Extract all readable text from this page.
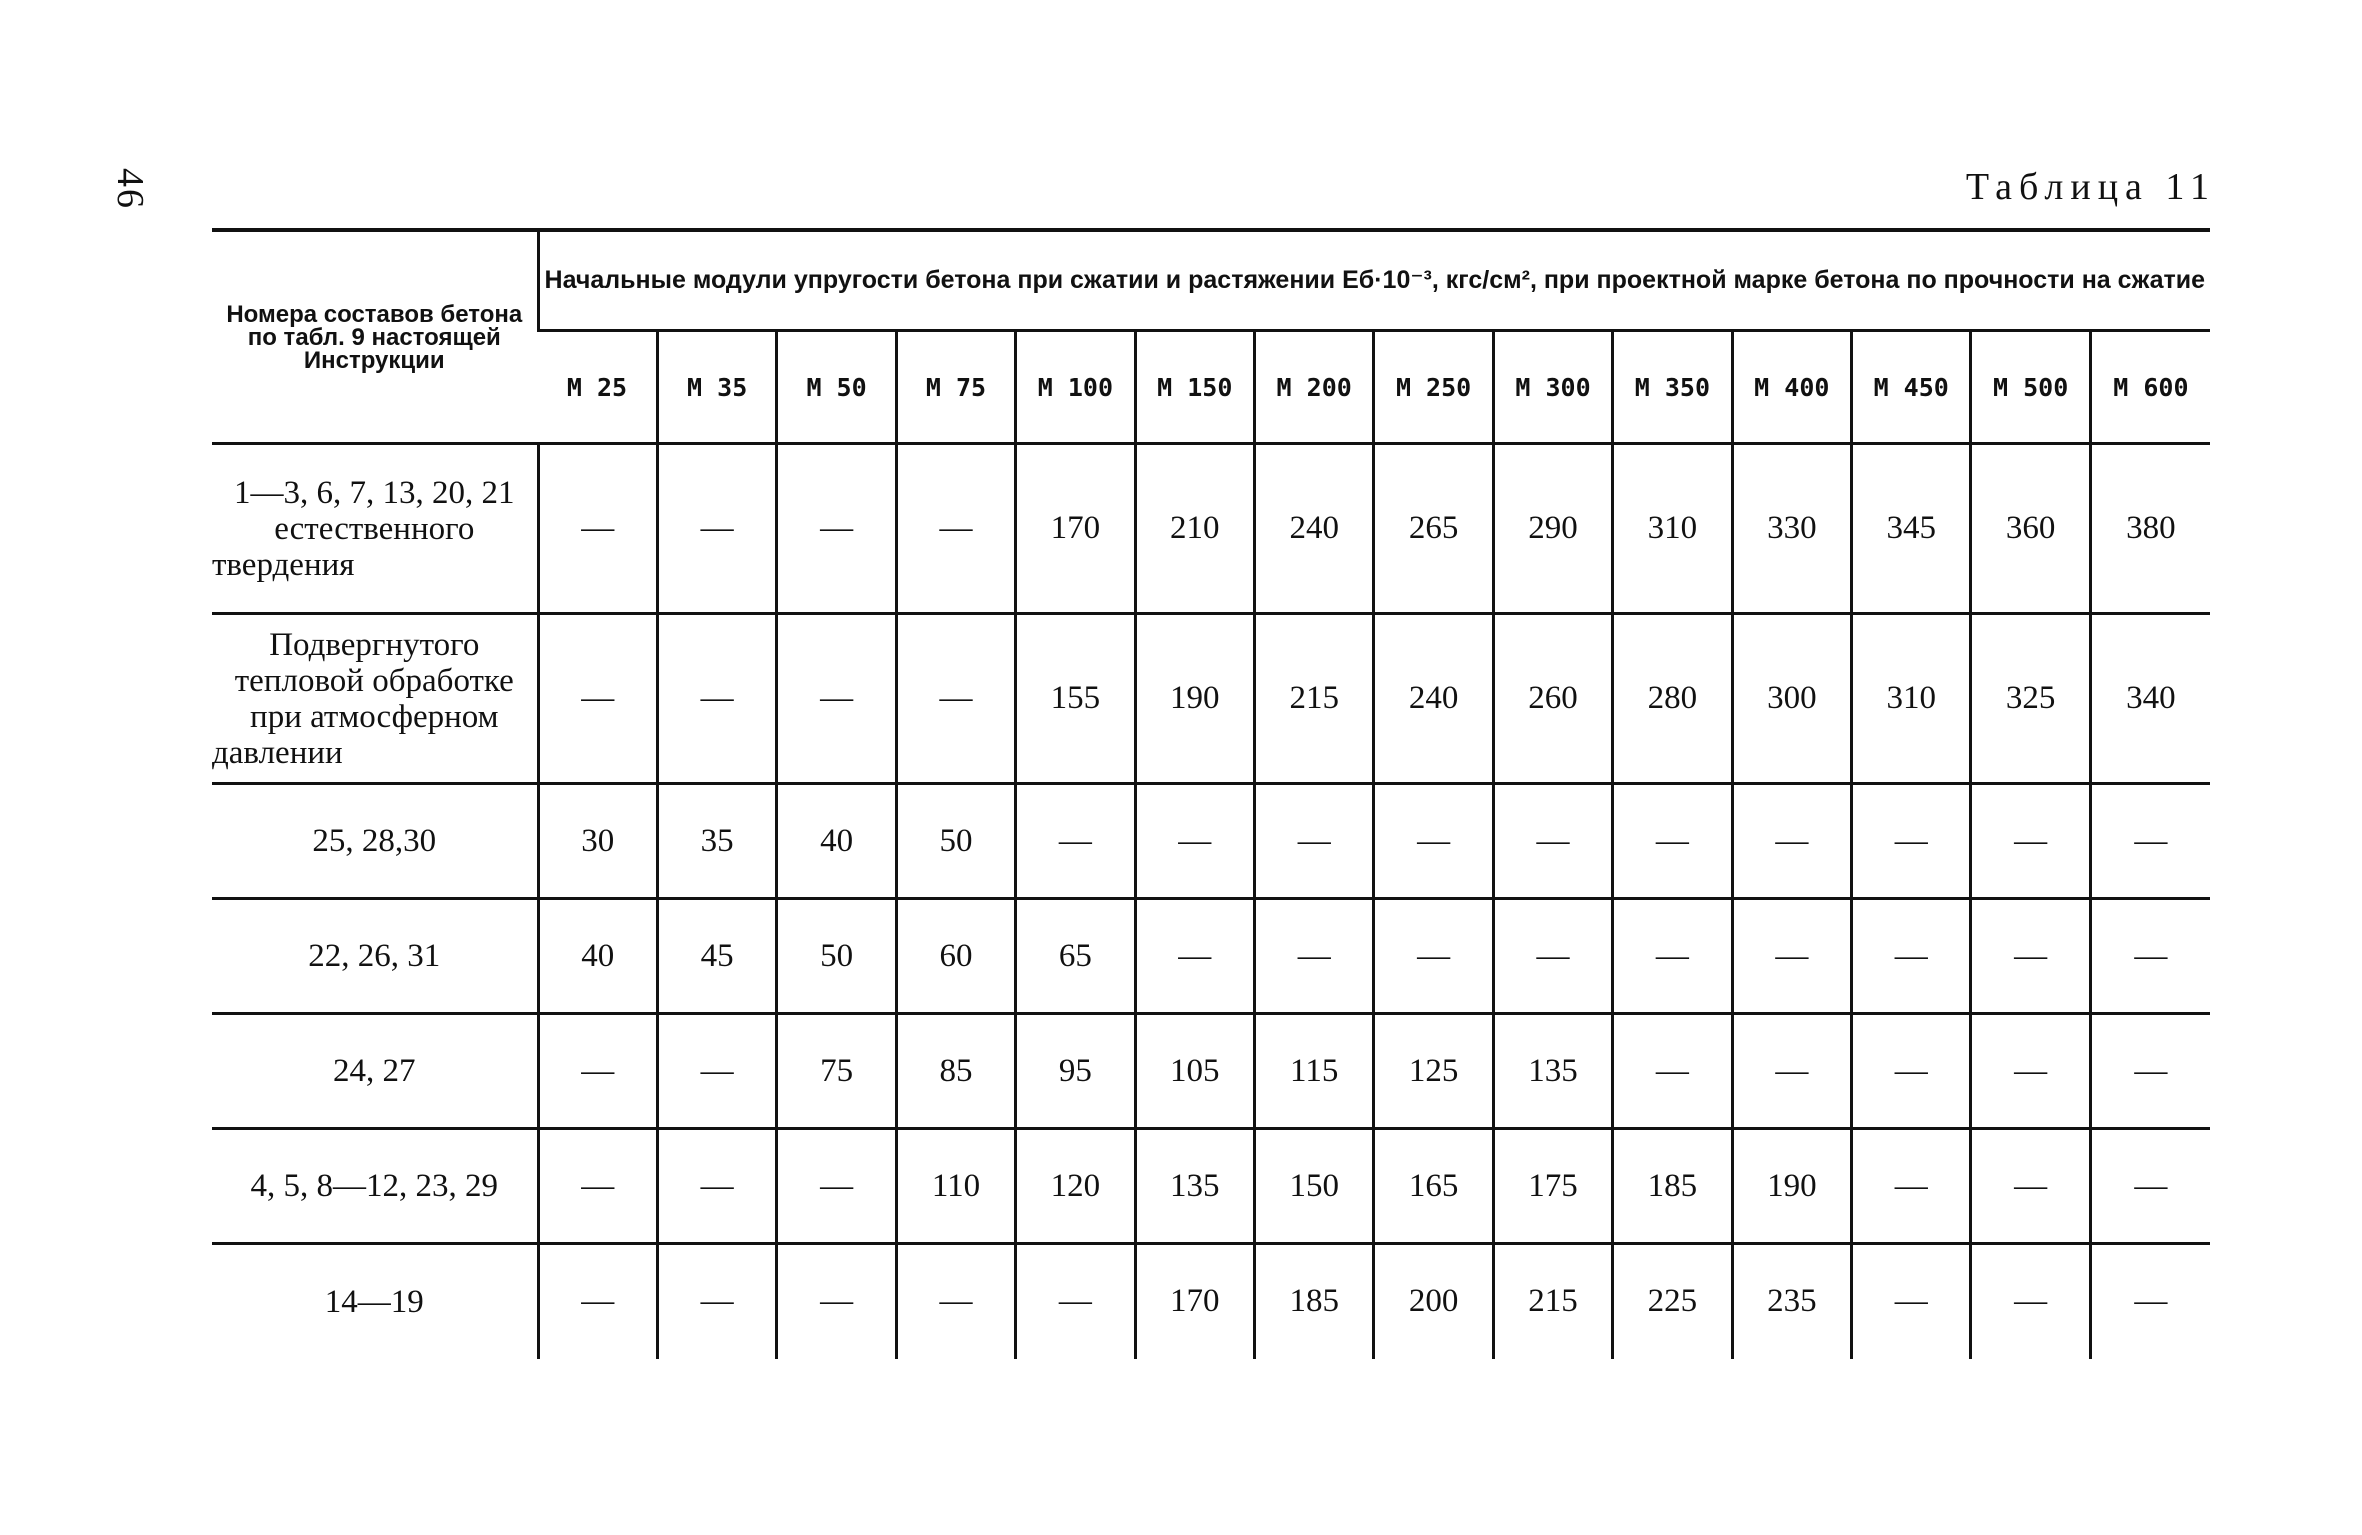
46	Таблица 11
Номера составов бетона по табл. 9 настоящей Инструкции	Начальные модули упругости бетона при сжатии и растяжении Eб·10⁻³, кгс/см², при проектной марке бетона по прочности на сжатие													
	М 25	М 35	М 50	М 75	М 100	М 150	М 200	М 250	М 300	М 350	М 400	М 450	М 500	М 600
1—3, 6, 7, 13, 20, 21 естественного твердения	—	—	—	—	170	210	240	265	290	310	330	345	360	380
Подвергнутого тепловой обработке при атмосферном давлении	—	—	—	—	155	190	215	240	260	280	300	310	325	340
25, 28,30	30	35	40	50	—	—	—	—	—	—	—	—	—	—
22, 26, 31	40	45	50	60	65	—	—	—	—	—	—	—	—	—
24, 27	—	—	75	85	95	105	115	125	135	—	—	—	—	—
4, 5, 8—12, 23, 29	—	—	—	110	120	135	150	165	175	185	190	—	—	—
14—19	—	—	—	—	—	170	185	200	215	225	235	—	—	—
